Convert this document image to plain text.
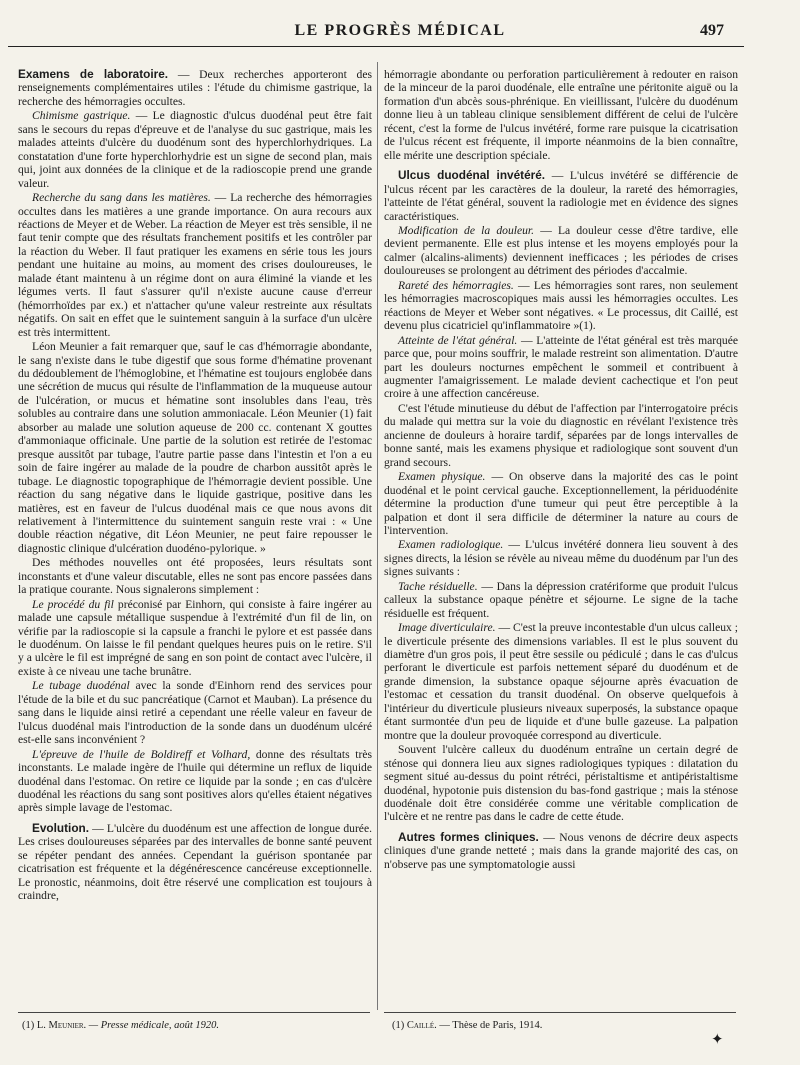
LE PROGRÈS MÉDICAL	497

Examens de laboratoire. — Deux recherches apporteront des renseignements complémentaires utiles : l'étude du chimisme gastrique, la recherche des hémorragies occultes.

Chimisme gastrique. — Le diagnostic d'ulcus duodénal peut être fait sans le secours du repas d'épreuve et de l'analyse du suc gastrique, mais les malades atteints d'ulcère du duodénum sont des hyperchlorhydriques. La constatation d'une forte hyperchlorhydrie est un signe de second plan, mais qui, joint aux données de la clinique et de la radioscopie prend une grande valeur.

Recherche du sang dans les matières. — La recherche des hémorragies occultes dans les matières a une grande importance. On aura recours aux réactions de Meyer et de Weber. La réaction de Meyer est très sensible, il ne faut tenir compte que des résultats franchement positifs et les contrôler par la réaction du Weber. Il faut pratiquer les examens en série tous les jours pendant une huitaine au moins, au moment des crises douloureuses, le malade étant maintenu à un régime dont on aura éliminé la viande et les légumes verts. Il faut s'assurer qu'il n'existe aucune cause d'erreur (hémorrhoïdes par ex.) et n'attacher qu'une valeur restreinte aux résultats négatifs. On sait en effet que le suintement sanguin à la surface d'un ulcère est très intermittent.

Léon Meunier a fait remarquer que, sauf le cas d'hémorragie abondante, le sang n'existe dans le tube digestif que sous forme d'hématine provenant du dédoublement de l'hémoglobine, et l'hématine est toujours englobée dans une sécrétion de mucus qui résulte de l'inflammation de la muqueuse autour de l'ulcération, or mucus et hématine sont insolubles dans l'eau, très solubles au contraire dans une solution ammoniacale. Léon Meunier (1) fait absorber au malade une solution aqueuse de 200 cc. contenant X gouttes d'ammoniaque officinale. Une partie de la solution est retirée de l'estomac presque aussitôt par tubage, l'autre partie passe dans l'intestin et l'on a eu soin de faire ingérer au malade de la poudre de charbon aussitôt après le tubage. Le diagnostic topographique de l'hémorragie devient possible. Une réaction du sang négative dans le liquide gastrique, positive dans les matières, est en faveur de l'ulcus duodénal mais ce que nous avons dit relativement à l'intermittence du suintement sanguin reste vrai : « Une double réaction négative, dit Léon Meunier, ne peut faire repousser le diagnostic clinique d'ulcération duodéno-pylorique. »

Des méthodes nouvelles ont été proposées, leurs résultats sont inconstants et d'une valeur discutable, elles ne sont pas encore passées dans la pratique courante. Nous signalerons simplement :

Le procédé du fil préconisé par Einhorn, qui consiste à faire ingérer au malade une capsule métallique suspendue à l'extrémité d'un fil de lin, on vérifie par la radioscopie si la capsule a franchi le pylore et est passée dans le duodénum. On laisse le fil pendant quelques heures puis on le retire. S'il y a ulcère le fil est imprégné de sang en son point de contact avec l'ulcère, il existe à ce niveau une tache brunâtre.

Le tubage duodénal avec la sonde d'Einhorn rend des services pour l'étude de la bile et du suc pancréatique (Carnot et Mauban). La présence du sang dans le liquide ainsi retiré a cependant une réelle valeur en faveur de l'ulcus duodénal mais l'introduction de la sonde dans un duodénum ulcéré est-elle sans inconvénient ?

L'épreuve de l'huile de Boldireff et Volhard, donne des résultats très inconstants. Le malade ingère de l'huile qui détermine un reflux de liquide duodénal dans l'estomac. On retire ce liquide par la sonde ; en cas d'ulcère duodénal les réactions du sang sont positives alors qu'elles étaient négatives après simple lavage de l'estomac.

Evolution. — L'ulcère du duodénum est une affection de longue durée. Les crises douloureuses séparées par des intervalles de bonne santé peuvent se répéter pendant des années. Cependant la guérison spontanée par cicatrisation est fréquente et la dégénérescence cancéreuse exceptionnelle. Le pronostic, néanmoins, doit être réservé une complication est toujours à craindre,

hémorragie abondante ou perforation particulièrement à redouter en raison de la minceur de la paroi duodénale, elle entraîne une péritonite aiguë ou la formation d'un abcès sous-phrénique. En vieillissant, l'ulcère du duodénum donne lieu à un tableau clinique sensiblement différent de celui de l'ulcère récent, c'est la forme de l'ulcus invétéré, forme rare puisque la cicatrisation de l'ulcus récent est fréquente, il importe néanmoins de la bien connaître, elle mérite une description spéciale.

Ulcus duodénal invétéré. — L'ulcus invétéré se différencie de l'ulcus récent par les caractères de la douleur, la rareté des hémorragies, l'atteinte de l'état général, souvent la radiologie met en évidence des signes caractéristiques.

Modification de la douleur. — La douleur cesse d'être tardive, elle devient permanente. Elle est plus intense et les moyens employés pour la calmer (alcalins-aliments) deviennent inefficaces ; les périodes de crises douloureuses se prolongent au détriment des périodes d'accalmie.

Rareté des hémorragies. — Les hémorragies sont rares, non seulement les hémorragies macroscopiques mais aussi les hémorragies occultes. Les réactions de Meyer et Weber sont négatives. « Le processus, dit Caillé, est devenu plus cicatriciel qu'inflammatoire »(1).

Atteinte de l'état général. — L'atteinte de l'état général est très marquée parce que, pour moins souffrir, le malade restreint son alimentation. D'autre part les douleurs nocturnes empêchent le sommeil et contribuent à augmenter l'amaigrissement. Le malade devient cachectique et l'on peut croire à une affection cancéreuse.

C'est l'étude minutieuse du début de l'affection par l'interrogatoire précis du malade qui mettra sur la voie du diagnostic en révélant l'existence très ancienne de douleurs à horaire tardif, séparées par de longs intervalles de bonne santé, mais les examens physique et radiologique sont souvent d'un grand secours.

Examen physique. — On observe dans la majorité des cas le point duodénal et le point cervical gauche. Exceptionnellement, la périduodénite détermine la production d'une tumeur qui peut être perceptible à la palpation et dont il sera difficile de déterminer la nature au cours de l'intervention.

Examen radiologique. — L'ulcus invétéré donnera lieu souvent à des signes directs, la lésion se révèle au niveau même du duodénum par l'un des signes suivants :

Tache résiduelle. — Dans la dépression cratériforme que produit l'ulcus calleux la substance opaque pénètre et séjourne. Le signe de la tache résiduelle est fréquent.

Image diverticulaire. — C'est la preuve incontestable d'un ulcus calleux ; le diverticule présente des dimensions variables. Il est le plus souvent du diamètre d'un gros pois, il peut être sessile ou pédiculé ; dans le cas d'ulcus perforant le diverticule est parfois nettement séparé du duodénum et de grande dimension, la substance opaque séjourne après évacuation de l'estomac et cessation du transit duodénal. On observe quelquefois à l'intérieur du diverticule plusieurs niveaux superposés, la substance opaque étant surmontée d'un peu de liquide et d'une bulle gazeuse. La palpation montre que la douleur provoquée correspond au diverticule.

Souvent l'ulcère calleux du duodénum entraîne un certain degré de sténose qui donnera lieu aux signes radiologiques typiques : dilatation du segment situé au-dessus du point rétréci, péristaltisme et antipéristaltisme duodénal, hypotonie puis distension du bas-fond gastrique ; mais la sténose duodénale doit être considérée comme une véritable complication de l'ulcère et ne rentre pas dans le cadre de cette étude.

Autres formes cliniques. — Nous venons de décrire deux aspects cliniques d'une grande netteté ; mais dans la grande majorité des cas, on n'observe pas une symptomatologie aussi

(1) L. Meunier. — Presse médicale, août 1920.	(1) Caillé. — Thèse de Paris, 1914.
✦
